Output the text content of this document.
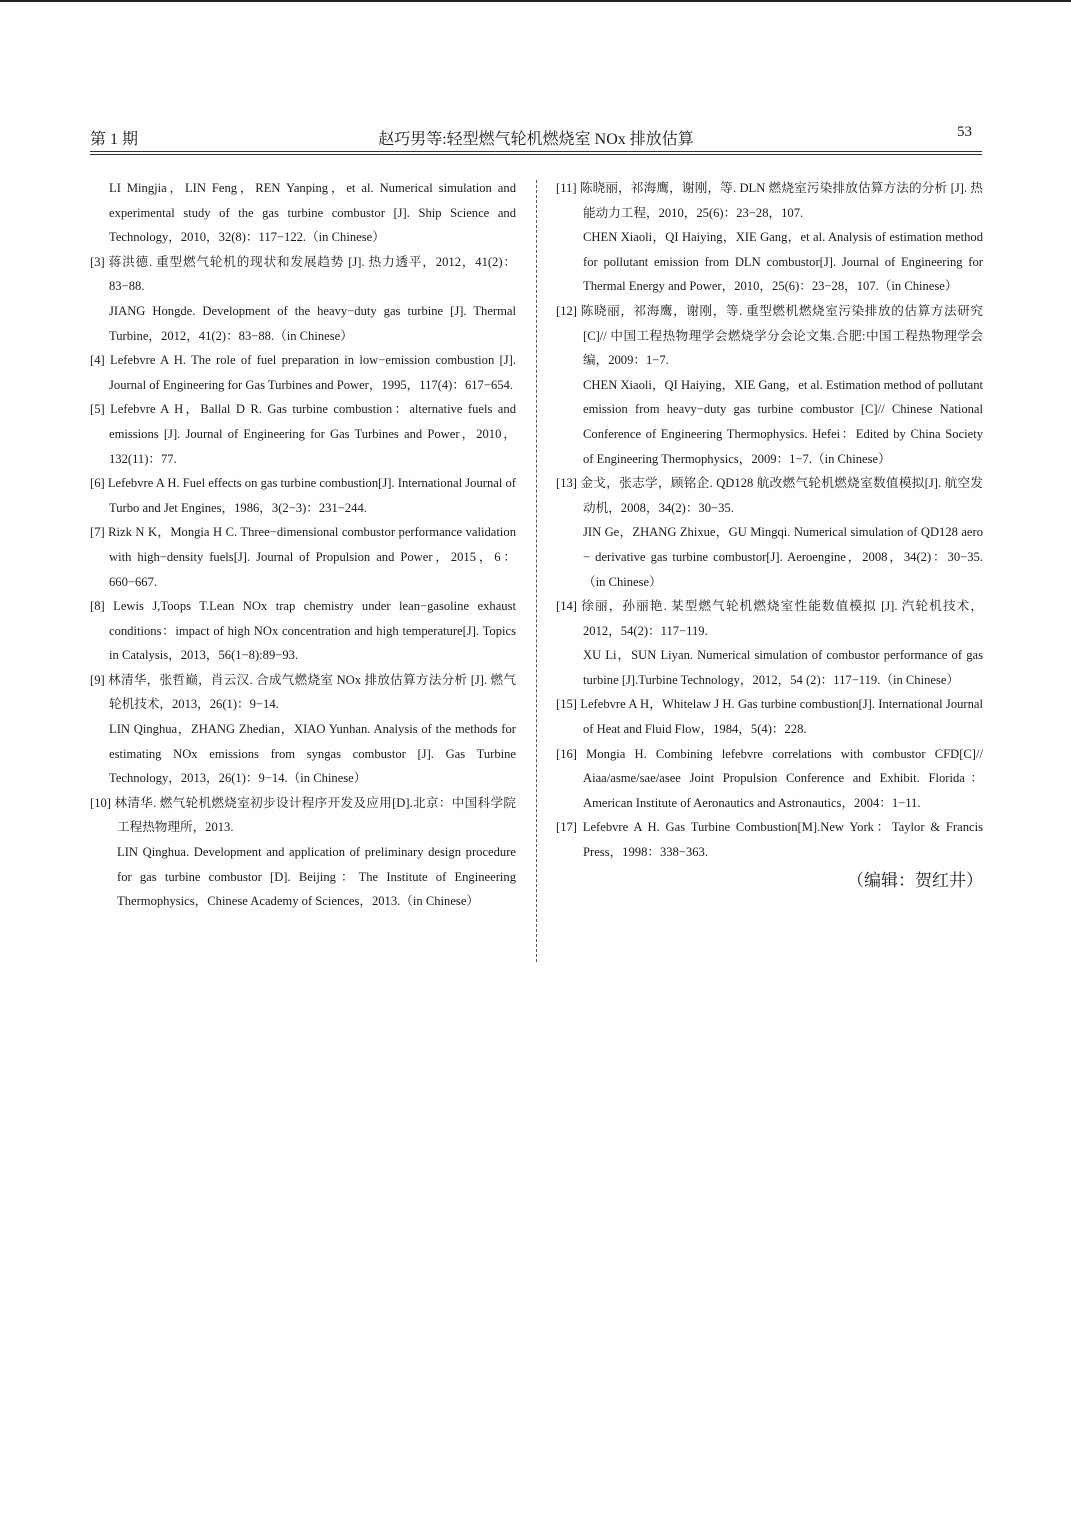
第 1 期	赵巧男等:轻型燃气轮机燃烧室 NOx 排放估算	53

LI Mingjia，LIN Feng，REN Yanping，et al. Numerical simulation and experimental study of the gas turbine combustor [J]. Ship Science and Technology，2010，32(8)：117−122.（in Chinese）

[3] 蒋洪德. 重型燃气轮机的现状和发展趋势 [J]. 热力透平，2012，41(2)：83−88.

JIANG Hongde. Development of the heavy−duty gas turbine [J]. Thermal Turbine，2012，41(2)：83−88.（in Chinese）

[4] Lefebvre A H. The role of fuel preparation in low−emission combustion [J]. Journal of Engineering for Gas Turbines and Power，1995，117(4)：617−654.

[5] Lefebvre A H，Ballal D R. Gas turbine combustion：alternative fuels and emissions [J]. Journal of Engineering for Gas Turbines and Power，2010，132(11)：77.

[6] Lefebvre A H. Fuel effects on gas turbine combustion[J]. International Journal of Turbo and Jet Engines，1986，3(2−3)：231−244.

[7] Rizk N K，Mongia H C. Three−dimensional combustor performance validation with high−density fuels[J]. Journal of Propulsion and Power，2015，6：660−667.

[8] Lewis J,Toops T.Lean NOx trap chemistry under lean−gasoline exhaust conditions：impact of high NOx concentration and high temperature[J]. Topics in Catalysis，2013，56(1−8):89−93.

[9] 林清华，张哲巅，肖云汉. 合成气燃烧室 NOx 排放估算方法分析 [J]. 燃气轮机技术，2013，26(1)：9−14.

LIN Qinghua，ZHANG Zhedian，XIAO Yunhan. Analysis of the methods for estimating NOx emissions from syngas combustor [J]. Gas Turbine Technology，2013，26(1)：9−14.（in Chinese）

[10] 林清华. 燃气轮机燃烧室初步设计程序开发及应用[D].北京：中国科学院工程热物理所，2013.

LIN Qinghua. Development and application of preliminary design procedure for gas turbine combustor [D]. Beijing：The Institute of Engineering Thermophysics，Chinese Academy of Sciences，2013.（in Chinese）

[11] 陈晓丽，祁海鹰，谢刚，等. DLN 燃烧室污染排放估算方法的分析 [J]. 热能动力工程，2010，25(6)：23−28，107.

CHEN Xiaoli，QI Haiying，XIE Gang，et al. Analysis of estimation method for pollutant emission from DLN combustor[J]. Journal of Engineering for Thermal Energy and Power，2010，25(6)：23−28，107.（in Chinese）

[12] 陈晓丽，祁海鹰，谢刚，等. 重型燃机燃烧室污染排放的估算方法研究[C]// 中国工程热物理学会燃烧学分会论文集.合肥:中国工程热物理学会编，2009：1−7.

CHEN Xiaoli，QI Haiying，XIE Gang，et al. Estimation method of pollutant emission from heavy−duty gas turbine combustor [C]// Chinese National Conference of Engineering Thermophysics. Hefei：Edited by China Society of Engineering Thermophysics，2009：1−7.（in Chinese）

[13] 金戈，张志学，顾铭企. QD128 航改燃气轮机燃烧室数值模拟[J]. 航空发动机，2008，34(2)：30−35.

JIN Ge，ZHANG Zhixue，GU Mingqi. Numerical simulation of QD128 aero − derivative gas turbine combustor[J]. Aeroengine，2008，34(2)：30−35.（in Chinese）

[14] 徐丽，孙丽艳. 某型燃气轮机燃烧室性能数值模拟 [J]. 汽轮机技术，2012，54(2)：117−119.

XU Li，SUN Liyan. Numerical simulation of combustor performance of gas turbine [J].Turbine Technology，2012，54 (2)：117−119.（in Chinese）

[15] Lefebvre A H，Whitelaw J H. Gas turbine combustion[J]. International Journal of Heat and Fluid Flow，1984，5(4)：228.

[16] Mongia H. Combining lefebvre correlations with combustor CFD[C]// Aiaa/asme/sae/asee Joint Propulsion Conference and Exhibit. Florida：American Institute of Aeronautics and Astronautics，2004：1−11.

[17] Lefebvre A H. Gas Turbine Combustion[M].New York：Taylor & Francis Press，1998：338−363.

（编辑：贺红井）
